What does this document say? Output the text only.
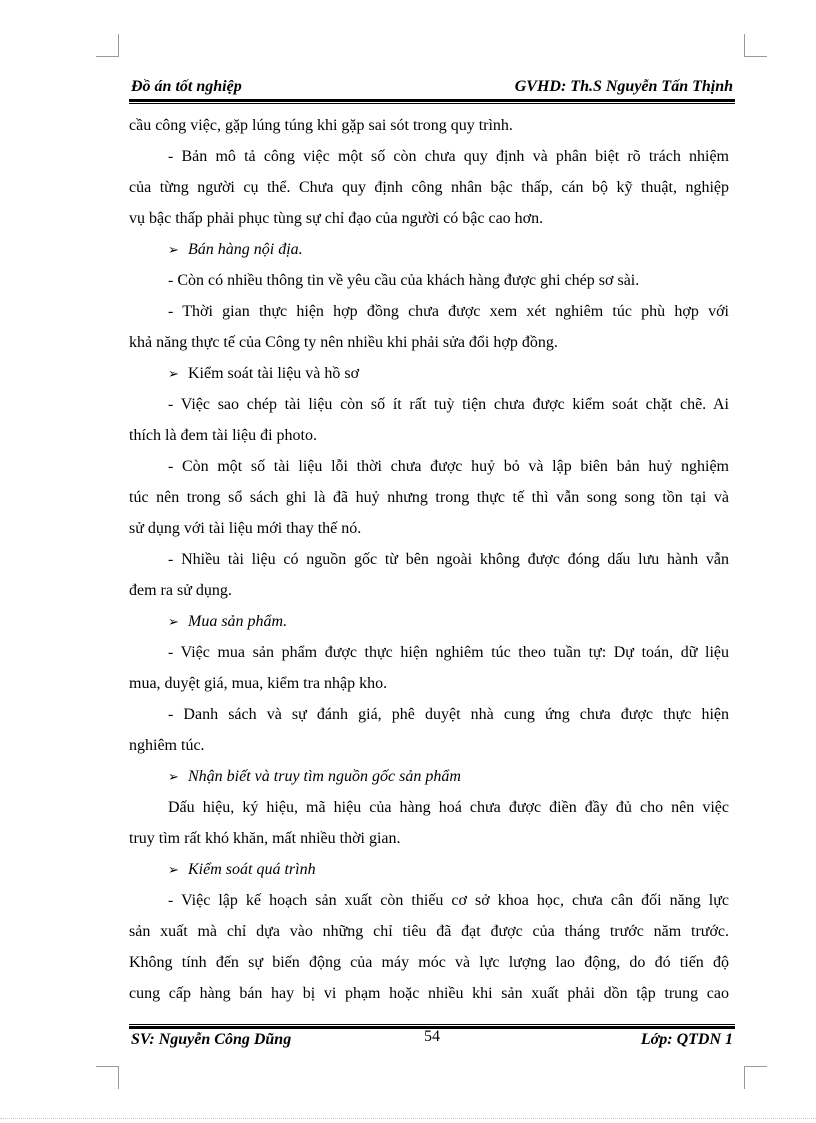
Đồ án tốt nghiệp	GVHD: Th.S Nguyễn Tấn Thịnh
cầu công việc, gặp lúng túng khi gặp sai sót trong quy trình.
- Bản mô tả công việc một số còn chưa quy định và phân biệt rõ trách nhiệm
của từng người cụ thể. Chưa quy định công nhân bậc thấp, cán bộ kỹ thuật, nghiệp
vụ bậc thấp phải phục tùng sự chỉ đạo của người có bậc cao hơn.
➢ Bán hàng nội địa.
- Còn có nhiều thông tin về yêu cầu của khách hàng được ghi chép sơ sài.
- Thời gian thực hiện hợp đồng chưa được xem xét nghiêm túc phù hợp với
khả năng thực tế của Công ty nên nhiều khi phải sửa đổi hợp đồng.
➢ Kiểm soát tài liệu và hồ sơ
- Việc sao chép tài liệu còn số ít rất tuỳ tiện chưa được kiểm soát chặt chẽ. Ai
thích là đem tài liệu đi photo.
- Còn một số tài liệu lỗi thời chưa được huỷ bỏ và lập biên bản huỷ nghiệm
túc nên trong sổ sách ghi là đã huỷ nhưng trong thực tế thì vẫn song song tồn tại và
sử dụng với tài liệu mới thay thế nó.
- Nhiều tài liệu có nguồn gốc từ bên ngoài không được đóng dấu lưu hành vẫn
đem ra sử dụng.
➢ Mua sản phẩm.
- Việc mua sản phẩm được thực hiện nghiêm túc theo tuần tự: Dự toán, dữ liệu
mua, duyệt giá, mua, kiểm tra nhập kho.
- Danh sách và sự đánh giá, phê duyệt nhà cung ứng chưa được thực hiện
nghiêm túc.
➢ Nhận biết và truy tìm nguồn gốc sản phẩm
Dấu hiệu, ký hiệu, mã hiệu của hàng hoá chưa được điền đầy đủ cho nên việc
truy tìm rất khó khăn, mất nhiều thời gian.
➢ Kiểm soát quá trình
- Việc lập kế hoạch sản xuất còn thiếu cơ sở khoa học, chưa cân đối năng lực
sản xuất mà chỉ dựa vào những chỉ tiêu đã đạt được của tháng trước năm trước.
Không tính đến sự biến động của máy móc và lực lượng lao động, do đó tiến độ
cung cấp hàng bán hay bị vi phạm hoặc nhiều khi sản xuất phải dồn tập trung cao
SV: Nguyễn Công Dũng	54	Lớp: QTDN 1
